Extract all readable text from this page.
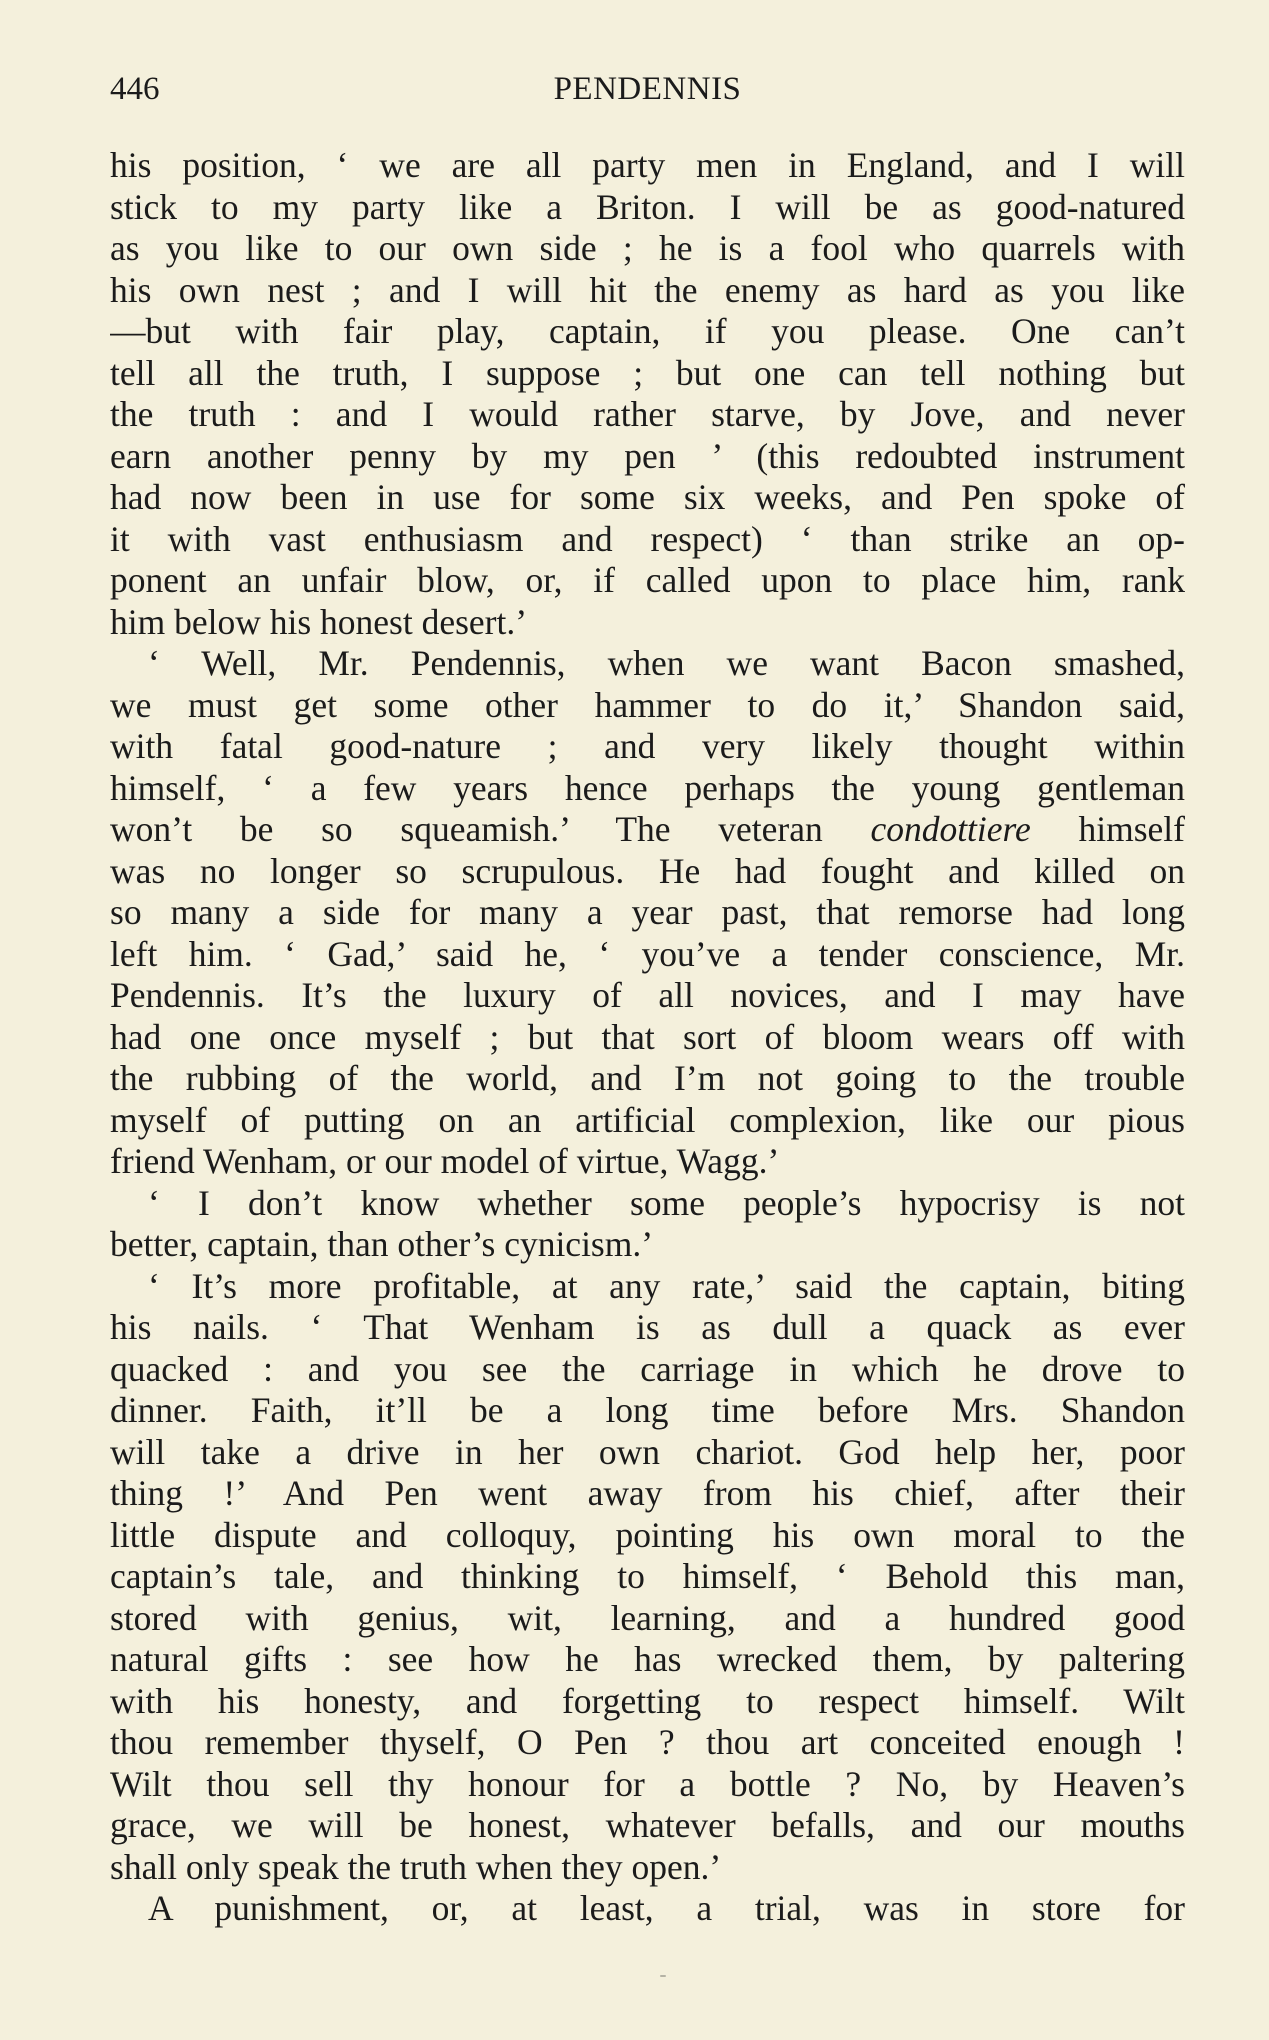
446	PENDENNIS
his position, ‘ we are all party men in England, and I will
stick to my party like a Briton. I will be as good-natured
as you like to our own side ; he is a fool who quarrels with
his own nest ; and I will hit the enemy as hard as you like
—but with fair play, captain, if you please. One can’t
tell all the truth, I suppose ; but one can tell nothing but
the truth : and I would rather starve, by Jove, and never
earn another penny by my pen ’ (this redoubted instrument
had now been in use for some six weeks, and Pen spoke of
it with vast enthusiasm and respect) ‘ than strike an op-
ponent an unfair blow, or, if called upon to place him, rank
him below his honest desert.’
‘ Well, Mr. Pendennis, when we want Bacon smashed,
we must get some other hammer to do it,’ Shandon said,
with fatal good-nature ; and very likely thought within
himself, ‘ a few years hence perhaps the young gentleman
won’t be so squeamish.’ The veteran condottiere himself
was no longer so scrupulous. He had fought and killed on
so many a side for many a year past, that remorse had long
left him. ‘ Gad,’ said he, ‘ you’ve a tender conscience, Mr.
Pendennis. It’s the luxury of all novices, and I may have
had one once myself ; but that sort of bloom wears off with
the rubbing of the world, and I’m not going to the trouble
myself of putting on an artificial complexion, like our pious
friend Wenham, or our model of virtue, Wagg.’
‘ I don’t know whether some people’s hypocrisy is not
better, captain, than other’s cynicism.’
‘ It’s more profitable, at any rate,’ said the captain, biting
his nails. ‘ That Wenham is as dull a quack as ever
quacked : and you see the carriage in which he drove to
dinner. Faith, it’ll be a long time before Mrs. Shandon
will take a drive in her own chariot. God help her, poor
thing !’ And Pen went away from his chief, after their
little dispute and colloquy, pointing his own moral to the
captain’s tale, and thinking to himself, ‘ Behold this man,
stored with genius, wit, learning, and a hundred good
natural gifts : see how he has wrecked them, by paltering
with his honesty, and forgetting to respect himself. Wilt
thou remember thyself, O Pen ? thou art conceited enough !
Wilt thou sell thy honour for a bottle ? No, by Heaven’s
grace, we will be honest, whatever befalls, and our mouths
shall only speak the truth when they open.’
A punishment, or, at least, a trial, was in store for
